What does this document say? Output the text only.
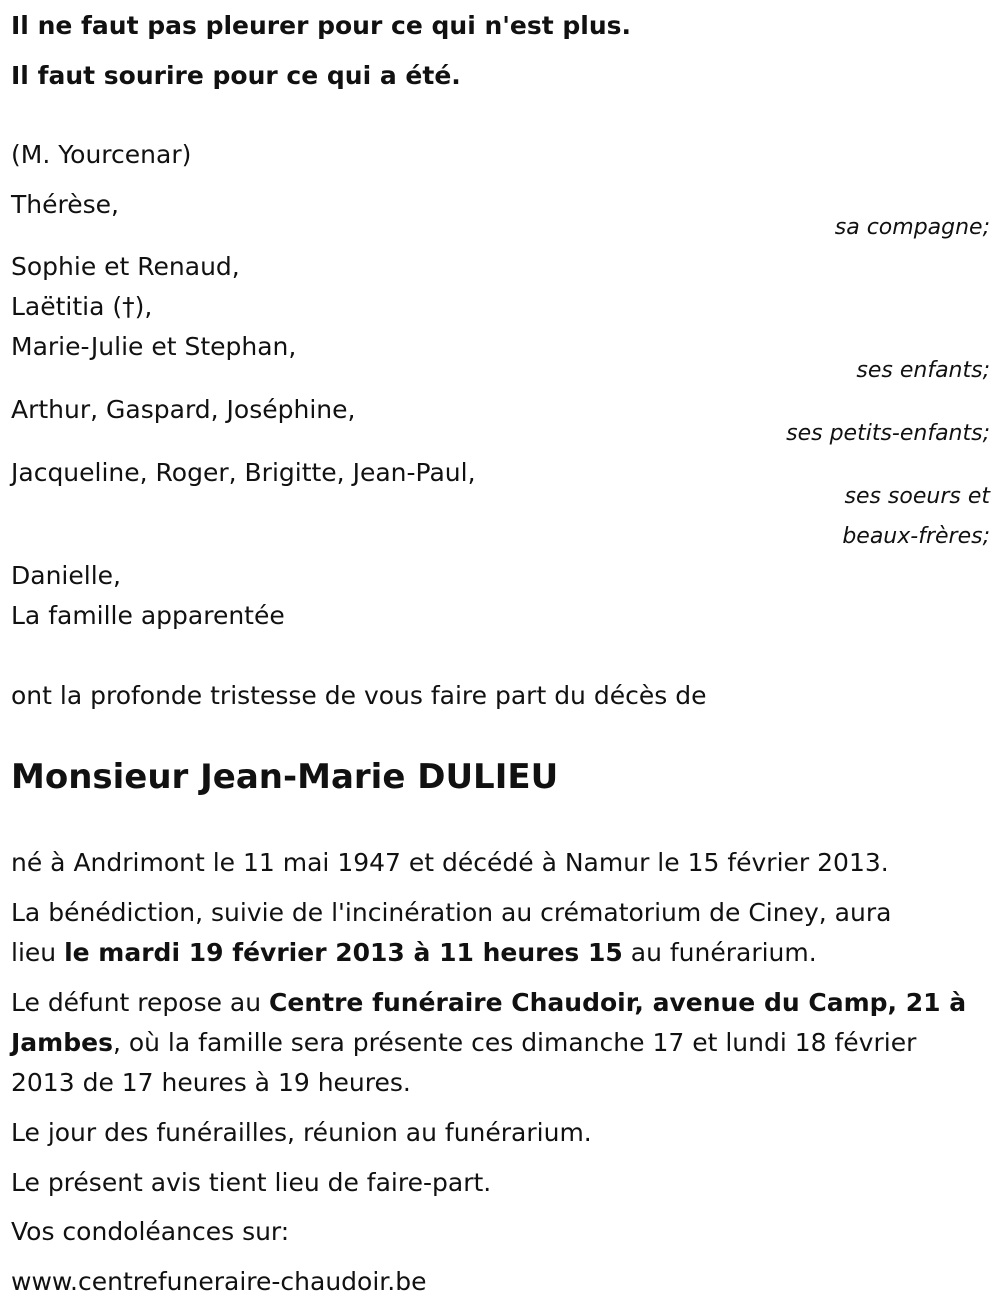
Il ne faut pas pleurer pour ce qui n'est plus.
Il faut sourire pour ce qui a été.
(M. Yourcenar)
Thérèse,
sa compagne;
Sophie et Renaud,
Laëtitia (†),
Marie-Julie et Stephan,
ses enfants;
Arthur, Gaspard, Joséphine,
ses petits-enfants;
Jacqueline, Roger, Brigitte, Jean-Paul,
ses soeurs et
beaux-frères;
Danielle,
La famille apparentée
ont la profonde tristesse de vous faire part du décès de
Monsieur Jean-Marie DULIEU
né à Andrimont le 11 mai 1947 et décédé à Namur le 15 février 2013.
La bénédiction, suivie de l'incinération au crématorium de Ciney, aura
lieu le mardi 19 février 2013 à 11 heures 15 au funérarium.
Le défunt repose au Centre funéraire Chaudoir, avenue du Camp, 21 à
Jambes, où la famille sera présente ces dimanche 17 et lundi 18 février
2013 de 17 heures à 19 heures.
Le jour des funérailles, réunion au funérarium.
Le présent avis tient lieu de faire-part.
Vos condoléances sur:
www.centrefuneraire-chaudoir.be
